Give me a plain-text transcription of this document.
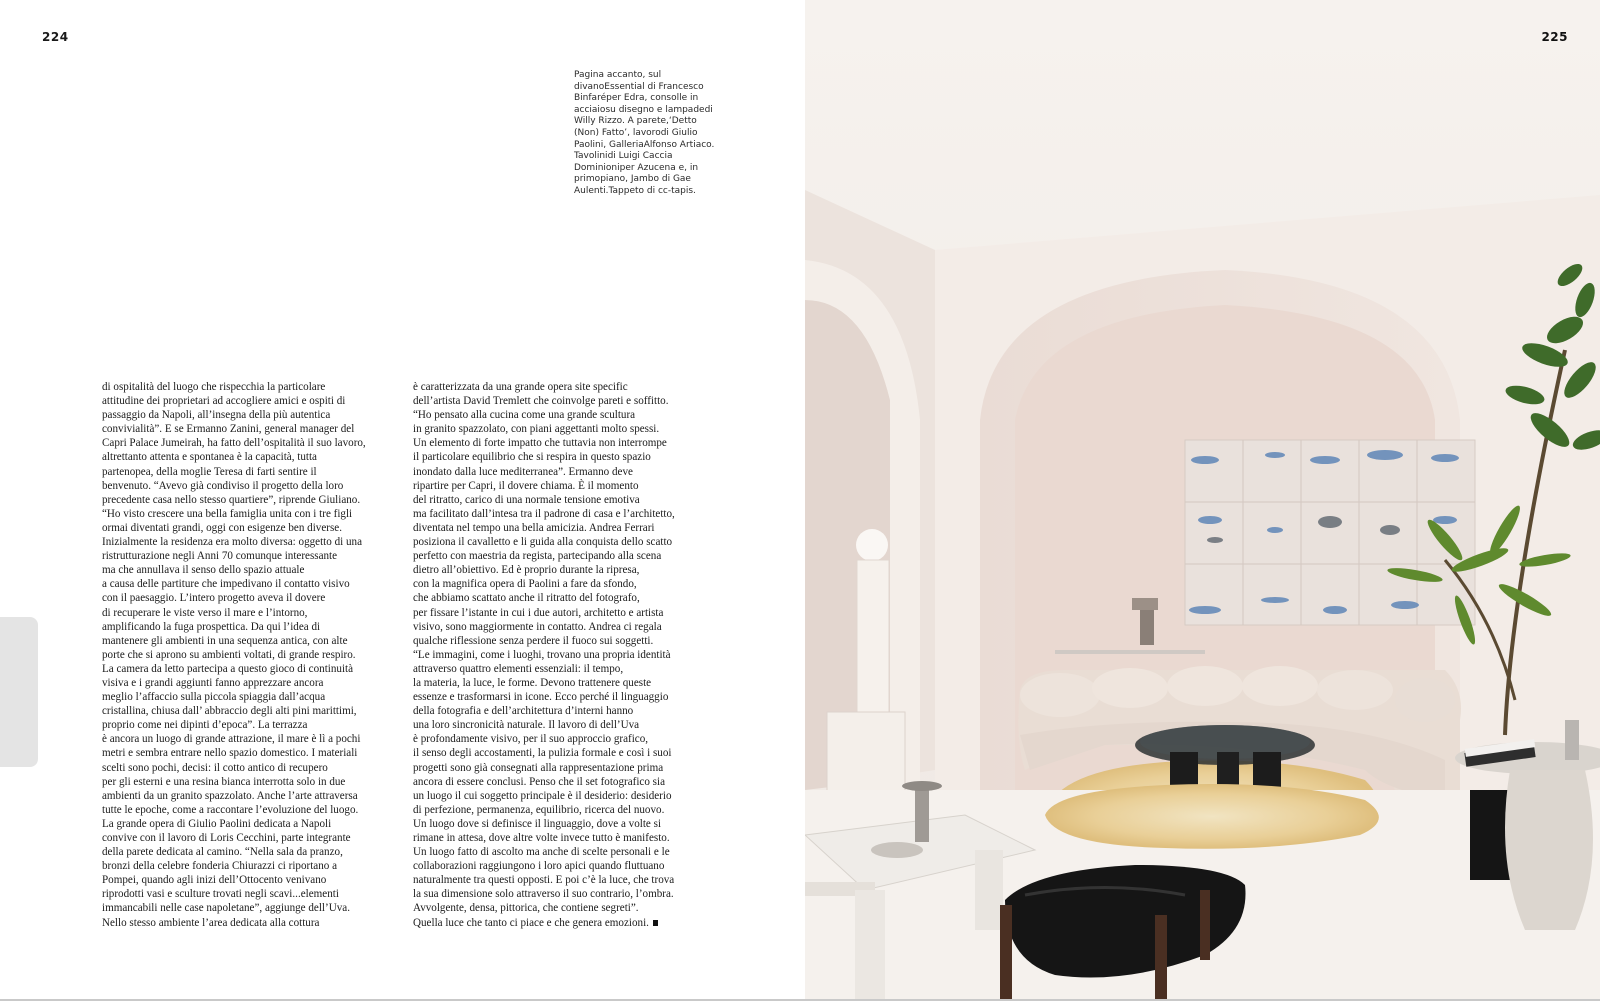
224
Pagina accanto, sul divanoEssential di Francesco Binfaréper Edra, consolle in acciaiosu disegno e lampadedi Willy Rizzo. A parete,‘Detto (Non) Fatto’, lavorodi Giulio Paolini, GalleriaAlfonso Artiaco. Tavolinidi Luigi Caccia Dominioniper Azucena e, in primopiano, Jambo di Gae Aulenti.Tappeto di cc-tapis.
di ospitalità del luogo che rispecchia la particolare
attitudine dei proprietari ad accogliere amici e ospiti di
passaggio da Napoli, all’insegna della più autentica
convivialità”. E se Ermanno Zanini, general manager del
Capri Palace Jumeirah, ha fatto dell’ospitalità il suo lavoro,
altrettanto attenta e spontanea è la capacità, tutta
partenopea, della moglie Teresa di farti sentire il
benvenuto. “Avevo già condiviso il progetto della loro
precedente casa nello stesso quartiere”, riprende Giuliano.
“Ho visto crescere una bella famiglia unita con i tre figli
ormai diventati grandi, oggi con esigenze ben diverse.
Inizialmente la residenza era molto diversa: oggetto di una
ristrutturazione negli Anni 70 comunque interessante
ma che annullava il senso dello spazio attuale
a causa delle partiture che impedivano il contatto visivo
con il paesaggio. L’intero progetto aveva il dovere
di recuperare le viste verso il mare e l’intorno,
amplificando la fuga prospettica. Da qui l’idea di
mantenere gli ambienti in una sequenza antica, con alte
porte che si aprono su ambienti voltati, di grande respiro.
La camera da letto partecipa a questo gioco di continuità
visiva e i grandi aggiunti fanno apprezzare ancora
meglio l’affaccio sulla piccola spiaggia dall’acqua
cristallina, chiusa dall’ abbraccio degli alti pini marittimi,
proprio come nei dipinti d’epoca”. La terrazza
è ancora un luogo di grande attrazione, il mare è lì a pochi
metri e sembra entrare nello spazio domestico. I materiali
scelti sono pochi, decisi: il cotto antico di recupero
per gli esterni e una resina bianca interrotta solo in due
ambienti da un granito spazzolato. Anche l’arte attraversa
tutte le epoche, come a raccontare l’evoluzione del luogo.
La grande opera di Giulio Paolini dedicata a Napoli
convive con il lavoro di Loris Cecchini, parte integrante
della parete dedicata al camino. “Nella sala da pranzo,
bronzi della celebre fonderia Chiurazzi ci riportano a
Pompei, quando agli inizi dell’Ottocento venivano
riprodotti vasi e sculture trovati negli scavi...elementi
immancabili nelle case napoletane”, aggiunge dell’Uva.
Nello stesso ambiente l’area dedicata alla cottura
è caratterizzata da una grande opera site specific
dell’artista David Tremlett che coinvolge pareti e soffitto.
“Ho pensato alla cucina come una grande scultura
in granito spazzolato, con piani aggettanti molto spessi.
Un elemento di forte impatto che tuttavia non interrompe
il particolare equilibrio che si respira in questo spazio
inondato dalla luce mediterranea”. Ermanno deve
ripartire per Capri, il dovere chiama. È il momento
del ritratto, carico di una normale tensione emotiva
ma facilitato dall’intesa tra il padrone di casa e l’architetto,
diventata nel tempo una bella amicizia. Andrea Ferrari
posiziona il cavalletto e li guida alla conquista dello scatto
perfetto con maestria da regista, partecipando alla scena
dietro all’obiettivo. Ed è proprio durante la ripresa,
con la magnifica opera di Paolini a fare da sfondo,
che abbiamo scattato anche il ritratto del fotografo,
per fissare l’istante in cui i due autori, architetto e artista
visivo, sono maggiormente in contatto. Andrea ci regala
qualche riflessione senza perdere il fuoco sui soggetti.
“Le immagini, come i luoghi, trovano una propria identità
attraverso quattro elementi essenziali: il tempo,
la materia, la luce, le forme. Devono trattenere queste
essenze e trasformarsi in icone. Ecco perché il linguaggio
della fotografia e dell’architettura d’interni hanno
una loro sincronicità naturale. Il lavoro di dell’Uva
è profondamente visivo, per il suo approccio grafico,
il senso degli accostamenti, la pulizia formale e così i suoi
progetti sono già consegnati alla rappresentazione prima
ancora di essere conclusi. Penso che il set fotografico sia
un luogo il cui soggetto principale è il desiderio: desiderio
di perfezione, permanenza, equilibrio, ricerca del nuovo.
Un luogo dove si definisce il linguaggio, dove a volte si
rimane in attesa, dove altre volte invece tutto è manifesto.
Un luogo fatto di ascolto ma anche di scelte personali e le
collaborazioni raggiungono i loro apici quando fluttuano
naturalmente tra questi opposti. E poi c’è la luce, che trova
la sua dimensione solo attraverso il suo contrario, l’ombra.
Avvolgente, densa, pittorica, che contiene segreti”.
Quella luce che tanto ci piace e che genera emozioni.
225
